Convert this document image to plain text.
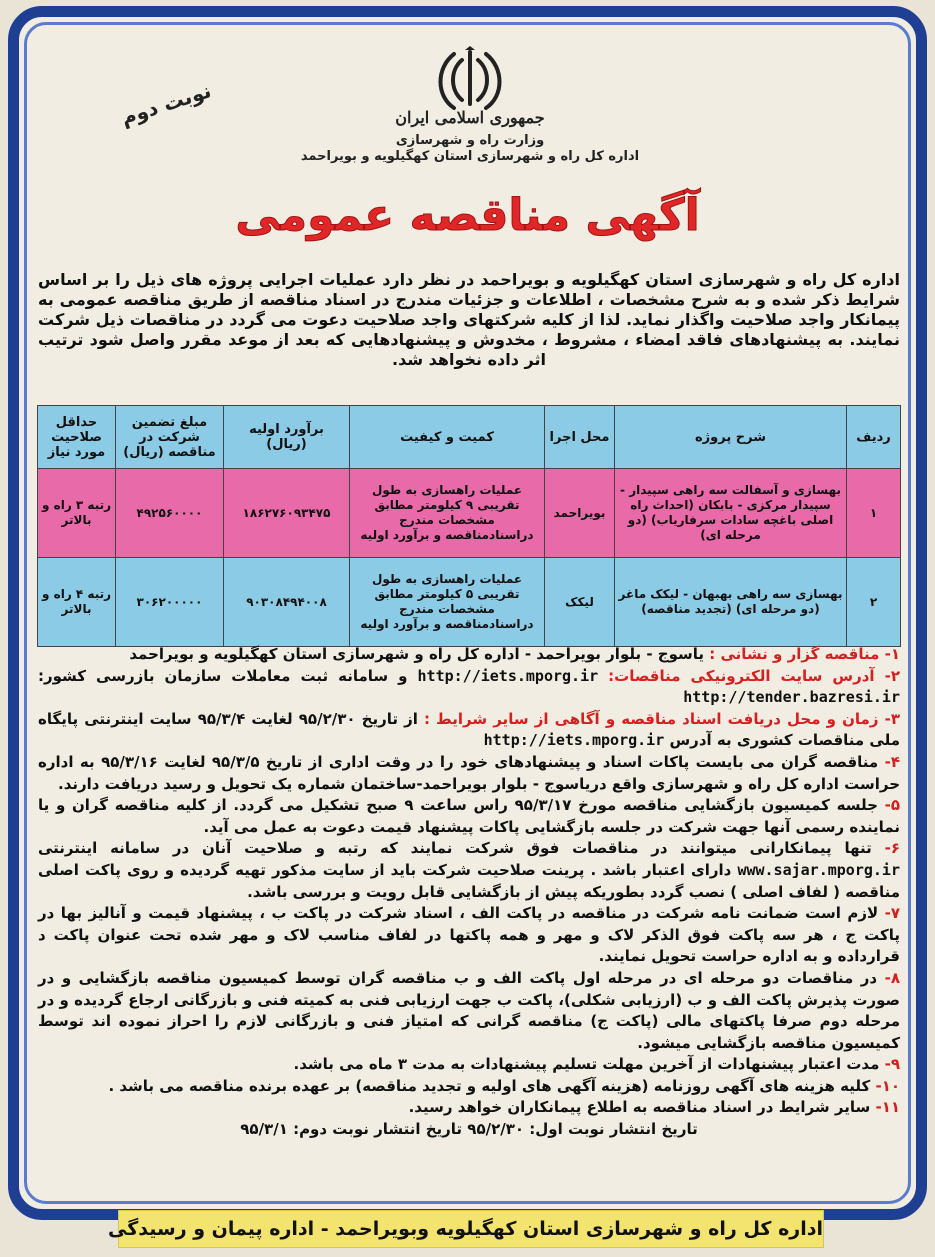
جمهوری اسلامی ایران
وزارت راه و شهرسازی
اداره کل راه و شهرسازی استان کهگیلویه و بویراحمد
نوبت دوم
آگهی مناقصه عمومی
اداره کل راه و شهرسازی استان کهگیلویه و بویراحمد در نظر دارد عملیات اجرایی پروژه های ذیل را بر اساس شرایط ذکر شده و به شرح مشخصات ، اطلاعات و جزئیات مندرج در اسناد مناقصه از طریق مناقصه عمومی به پیمانکار واجد صلاحیت واگذار نماید. لذا از کلیه شرکتهای واجد صلاحیت دعوت می گردد در مناقصات ذیل شرکت نمایند. به پیشنهادهای فاقد امضاء ، مشروط ، مخدوش و پیشنهادهایی که بعد از موعد مقرر واصل شود ترتیب اثر داده نخواهد شد.
ردیف	شرح پروژه	محل اجرا	کمیت و کیفیت	برآورد اولیه (ریال)	مبلغ تضمین شرکت در مناقصه (ریال)	حداقل صلاحیت مورد نیاز
۱	بهسازی و آسفالت سه راهی سپیدار - سپیدار مرکزی - بابکان (احداث راه اصلی باغچه سادات سرفاریاب) (دو مرحله ای)	بویراحمد	عملیات راهسازی به طول تقریبی ۹ کیلومتر مطابق مشخصات مندرج دراسنادمناقصه و برآورد اولیه	۱۸۶۲۷۶۰۹۳۴۷۵	۴۹۲۵۶۰۰۰۰	رتبه ۳ راه و بالاتر
۲	بهسازی سه راهی بهبهان - لیکک ماغر (دو مرحله ای) (تجدید مناقصه)	لیکک	عملیات راهسازی به طول تقریبی ۵ کیلومتر مطابق مشخصات مندرج دراسنادمناقصه و برآورد اولیه	۹۰۳۰۸۴۹۴۰۰۸	۳۰۶۲۰۰۰۰۰	رتبه ۴ راه و بالاتر

۱- مناقصه گزار و نشانی : یاسوج - بلوار بویراحمد - اداره کل راه و شهرسازی استان کهگیلویه و بویراحمد

۲- آدرس سایت الکترونیکی مناقصات: http://iets.mporg.ir و سامانه ثبت معاملات سازمان بازرسی کشور: http://tender.bazresi.ir

۳- زمان و محل دریافت اسناد مناقصه و آگاهی از سایر شرایط : از تاریخ ۹۵/۲/۳۰ لغایت ۹۵/۳/۴ سایت اینترنتی پایگاه ملی مناقصات کشوری به آدرس http://iets.mporg.ir

۴- مناقصه گران می بایست پاکات اسناد و پیشنهادهای خود را در وقت اداری از تاریخ ۹۵/۳/۵ لغایت ۹۵/۳/۱۶ به اداره حراست اداره کل راه و شهرسازی واقع دریاسوج - بلوار بویراحمد-ساختمان شماره یک تحویل و رسید دریافت دارند.

۵- جلسه کمیسیون بازگشایی مناقصه مورخ ۹۵/۳/۱۷ راس ساعت ۹ صبح تشکیل می گردد. از کلیه مناقصه گران و یا نماینده رسمی آنها جهت شرکت در جلسه بازگشایی پاکات پیشنهاد قیمت دعوت به عمل می آید.

۶- تنها پیمانکارانی میتوانند در مناقصات فوق شرکت نمایند که رتبه و صلاحیت آنان در سامانه اینترنتی www.sajar.mporg.ir دارای اعتبار باشد . پرینت صلاحیت شرکت باید از سایت مذکور تهیه گردیده و روی پاکت اصلی مناقصه ( لفاف اصلی ) نصب گردد بطوریکه پیش از بازگشایی قابل رویت و بررسی باشد.

۷- لازم است ضمانت نامه شرکت در مناقصه در پاکت الف ، اسناد شرکت در پاکت ب ، پیشنهاد قیمت و آنالیز بها در پاکت ج ، هر سه پاکت فوق الذکر لاک و مهر و همه پاکتها در لفاف مناسب لاک و مهر شده تحت عنوان پاکت د قرارداده و به اداره حراست تحویل نمایند.

۸- در مناقصات دو مرحله ای در مرحله اول پاکت الف و ب مناقصه گران توسط کمیسیون مناقصه بازگشایی و در صورت پذیرش پاکت الف و ب (ارزیابی شکلی)، پاکت ب جهت ارزیابی فنی به کمیته فنی و بازرگانی ارجاع گردیده و در مرحله دوم صرفا پاکتهای مالی (پاکت ج) مناقصه گرانی که امتیاز فنی و بازرگانی لازم را احراز نموده اند توسط کمیسیون مناقصه بازگشایی میشود.

۹- مدت اعتبار پیشنهادات از آخرین مهلت تسلیم پیشنهادات به مدت ۳ ماه می باشد.

۱۰- کلیه هزینه های آگهی روزنامه (هزینه آگهی های اولیه و تجدید مناقصه) بر عهده برنده مناقصه می باشد .

۱۱- سایر شرایط در اسناد مناقصه به اطلاع پیمانکاران خواهد رسید.

تاریخ انتشار نوبت اول: ۹۵/۲/۳۰ تاریخ انتشار نوبت دوم: ۹۵/۳/۱

اداره کل راه و شهرسازی استان کهگیلویه وبویراحمد - اداره پیمان و رسیدگی
